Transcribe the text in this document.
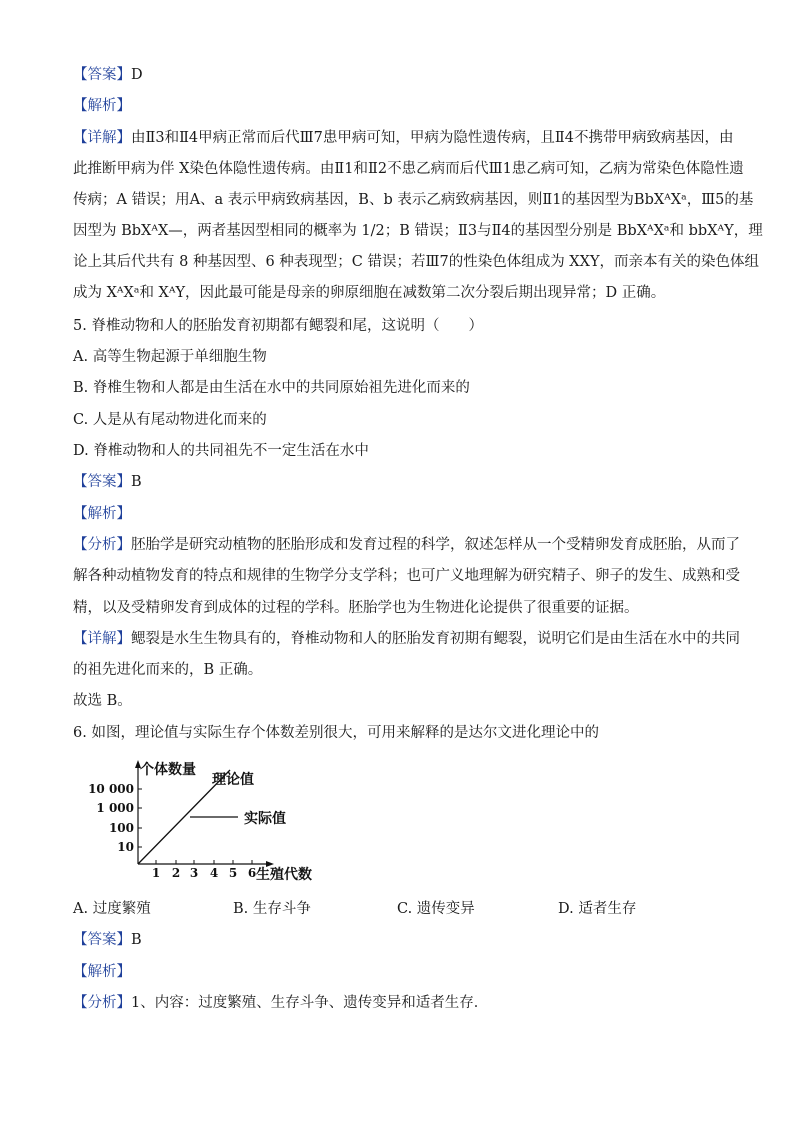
【答案】D
【解析】
【详解】由Ⅱ3和Ⅱ4甲病正常而后代Ⅲ7患甲病可知，甲病为隐性遗传病，且Ⅱ4不携带甲病致病基因，由
此推断甲病为伴 X染色体隐性遗传病。由Ⅱ1和Ⅱ2不患乙病而后代Ⅲ1患乙病可知，乙病为常染色体隐性遗
传病；A 错误；用A、a 表示甲病致病基因，B、b 表示乙病致病基因，则Ⅱ1的基因型为BbXᴬXᵃ，Ⅲ5的基
因型为 BbXᴬX—，两者基因型相同的概率为 1/2；B 错误；Ⅱ3与Ⅱ4的基因型分别是 BbXᴬXᵃ和 bbXᴬY，理
论上其后代共有 8 种基因型、6 种表现型；C 错误；若Ⅲ7的性染色体组成为 XXY，而亲本有关的染色体组
成为 XᴬXᵃ和 XᴬY，因此最可能是母亲的卵原细胞在减数第二次分裂后期出现异常；D 正确。
5. 脊椎动物和人的胚胎发育初期都有鳃裂和尾，这说明（　　）
A. 高等生物起源于单细胞生物
B. 脊椎生物和人都是由生活在水中的共同原始祖先进化而来的
C. 人是从有尾动物进化而来的
D. 脊椎动物和人的共同祖先不一定生活在水中
【答案】B
【解析】
【分析】胚胎学是研究动植物的胚胎形成和发育过程的科学，叙述怎样从一个受精卵发育成胚胎，从而了
解各种动植物发育的特点和规律的生物学分支学科；也可广义地理解为研究精子、卵子的发生、成熟和受
精，以及受精卵发育到成体的过程的学科。胚胎学也为生物进化论提供了很重要的证据。
【详解】鳃裂是水生生物具有的，脊椎动物和人的胚胎发育初期有鳃裂，说明它们是由生活在水中的共同
的祖先进化而来的，B 正确。
故选 B。
6. 如图，理论值与实际生存个体数差别很大，可用来解释的是达尔文进化理论中的
个体数量
10 000
1 000
100
10
1 2 3 4 5 6 生殖代数
理论值
实际值
A. 过度繁殖	B. 生存斗争	C. 遗传变异	D. 适者生存
【答案】B
【解析】
【分析】1、内容：过度繁殖、生存斗争、遗传变异和适者生存．
